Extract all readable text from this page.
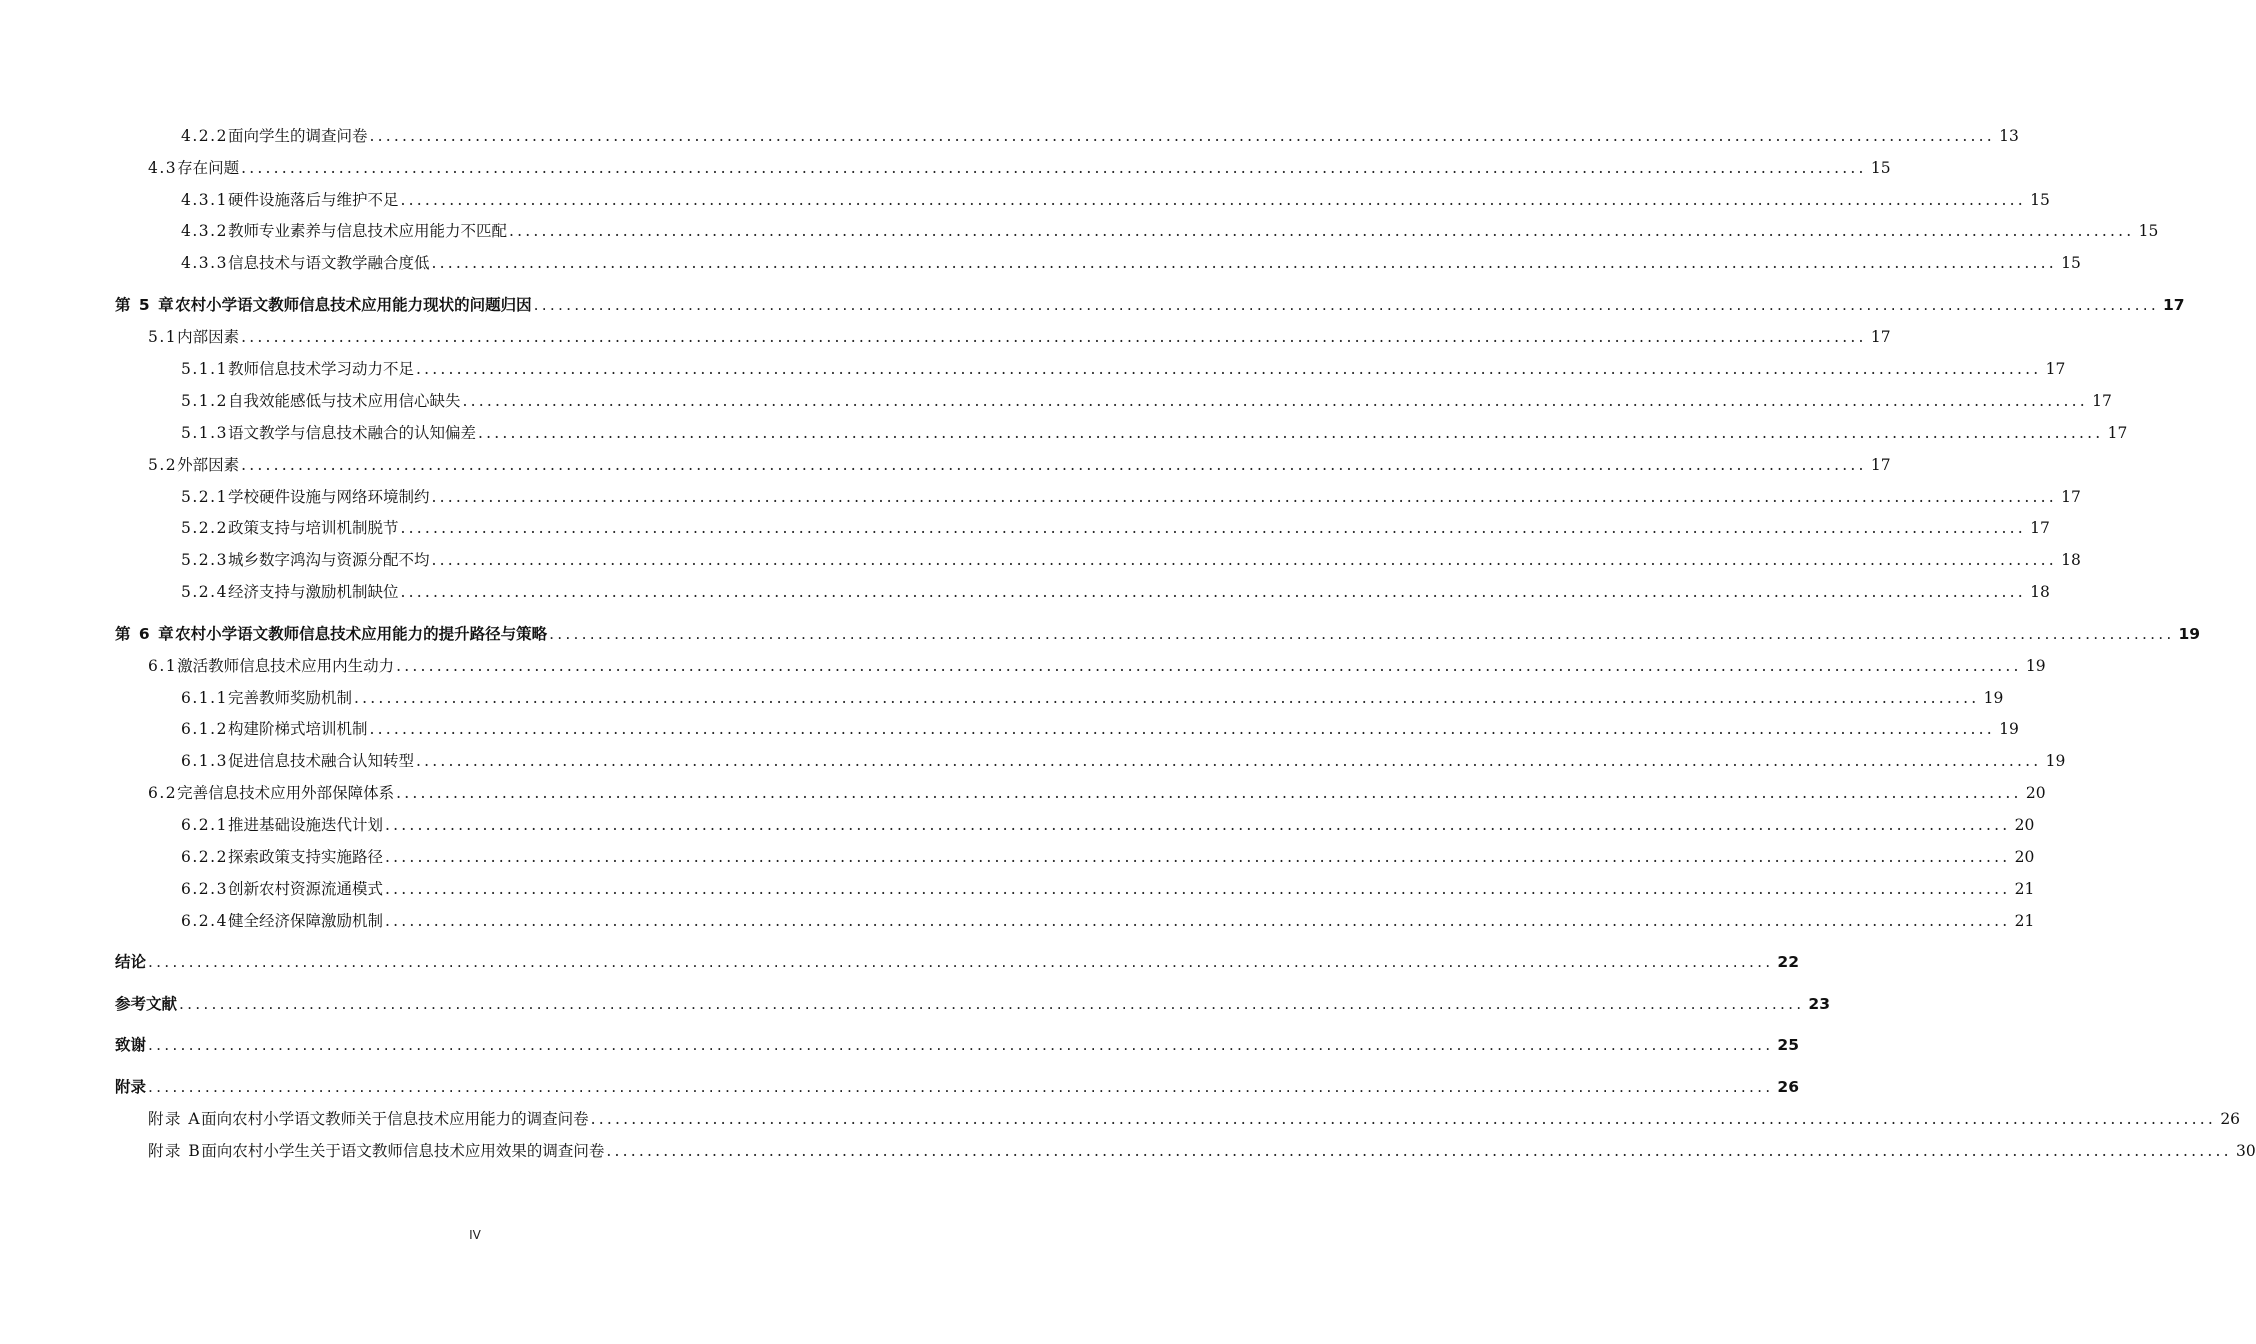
4.2.2 面向学生的调查问卷 ........................................................................................................................................................................................................ 13
4.3 存在问题 ........................................................................................................................................................................................................ 15
4.3.1 硬件设施落后与维护不足 ........................................................................................................................................................................................................ 15
4.3.2 教师专业素养与信息技术应用能力不匹配 ........................................................................................................................................................................................................ 15
4.3.3 信息技术与语文教学融合度低 ........................................................................................................................................................................................................ 15
第 5 章 农村小学语文教师信息技术应用能力现状的问题归因 ........................................................................................................................................................................................................ 17
5.1 内部因素 ........................................................................................................................................................................................................ 17
5.1.1 教师信息技术学习动力不足 ........................................................................................................................................................................................................ 17
5.1.2 自我效能感低与技术应用信心缺失 ........................................................................................................................................................................................................ 17
5.1.3 语文教学与信息技术融合的认知偏差 ........................................................................................................................................................................................................ 17
5.2 外部因素 ........................................................................................................................................................................................................ 17
5.2.1 学校硬件设施与网络环境制约 ........................................................................................................................................................................................................ 17
5.2.2 政策支持与培训机制脱节 ........................................................................................................................................................................................................ 17
5.2.3 城乡数字鸿沟与资源分配不均 ........................................................................................................................................................................................................ 18
5.2.4 经济支持与激励机制缺位 ........................................................................................................................................................................................................ 18
第 6 章 农村小学语文教师信息技术应用能力的提升路径与策略 ........................................................................................................................................................................................................ 19
6.1 激活教师信息技术应用内生动力 ........................................................................................................................................................................................................ 19
6.1.1 完善教师奖励机制 ........................................................................................................................................................................................................ 19
6.1.2 构建阶梯式培训机制 ........................................................................................................................................................................................................ 19
6.1.3 促进信息技术融合认知转型 ........................................................................................................................................................................................................ 19
6.2 完善信息技术应用外部保障体系 ........................................................................................................................................................................................................ 20
6.2.1 推进基础设施迭代计划 ........................................................................................................................................................................................................ 20
6.2.2 探索政策支持实施路径 ........................................................................................................................................................................................................ 20
6.2.3 创新农村资源流通模式 ........................................................................................................................................................................................................ 21
6.2.4 健全经济保障激励机制 ........................................................................................................................................................................................................ 21
结论 ........................................................................................................................................................................................................ 22
参考文献 ........................................................................................................................................................................................................ 23
致谢 ........................................................................................................................................................................................................ 25
附录 ........................................................................................................................................................................................................ 26
附录 A 面向农村小学语文教师关于信息技术应用能力的调查问卷 ........................................................................................................................................................................................................ 26
附录 B 面向农村小学生关于语文教师信息技术应用效果的调查问卷 ........................................................................................................................................................................................................ 30
IV
